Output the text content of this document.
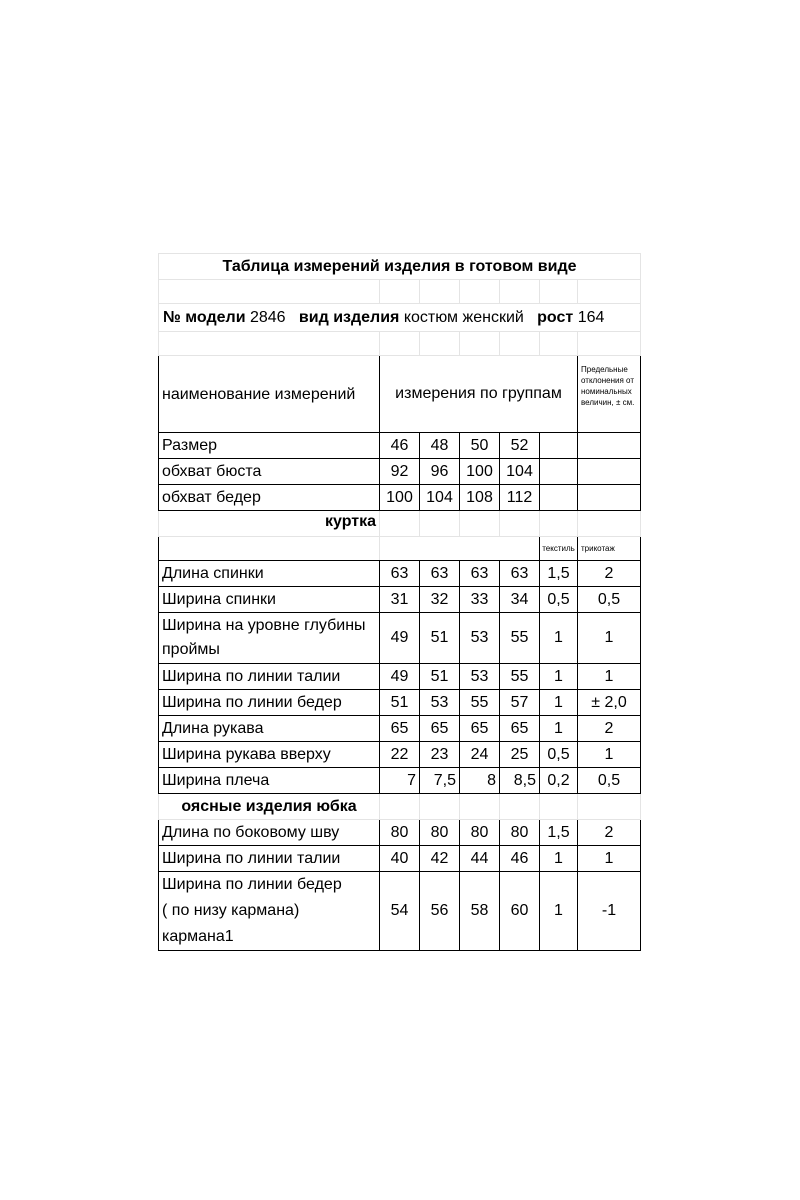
Таблица измерений изделия в готовом виде						

№ модели 2846 вид изделия костюм женский рост 164						

наименование измерений	измерения по группам					Предельные отклонения от номинальных величин, ± см.
Размер	46	48	50	52		
обхват бюста	92	96	100	104		
обхват бедер	100	104	108	112		
куртка						
					текстиль	трикотаж
Длина спинки	63	63	63	63	1,5	2
Ширина спинки	31	32	33	34	0,5	0,5
Ширина на уровне глубины проймы	49	51	53	55	1	1
Ширина по линии талии	49	51	53	55	1	1
Ширина по линии бедер	51	53	55	57	1	± 2,0
Длина рукава	65	65	65	65	1	2
Ширина рукава вверху	22	23	24	25	0,5	1
Ширина плеча	7	7,5	8	8,5	0,2	0,5
оясные изделия юбка						
Длина по боковому шву	80	80	80	80	1,5	2
Ширина по линии талии	40	42	44	46	1	1

Ширина по линии бедер
( по низу кармана)
кармана1	54	56	58	60	1	-1
